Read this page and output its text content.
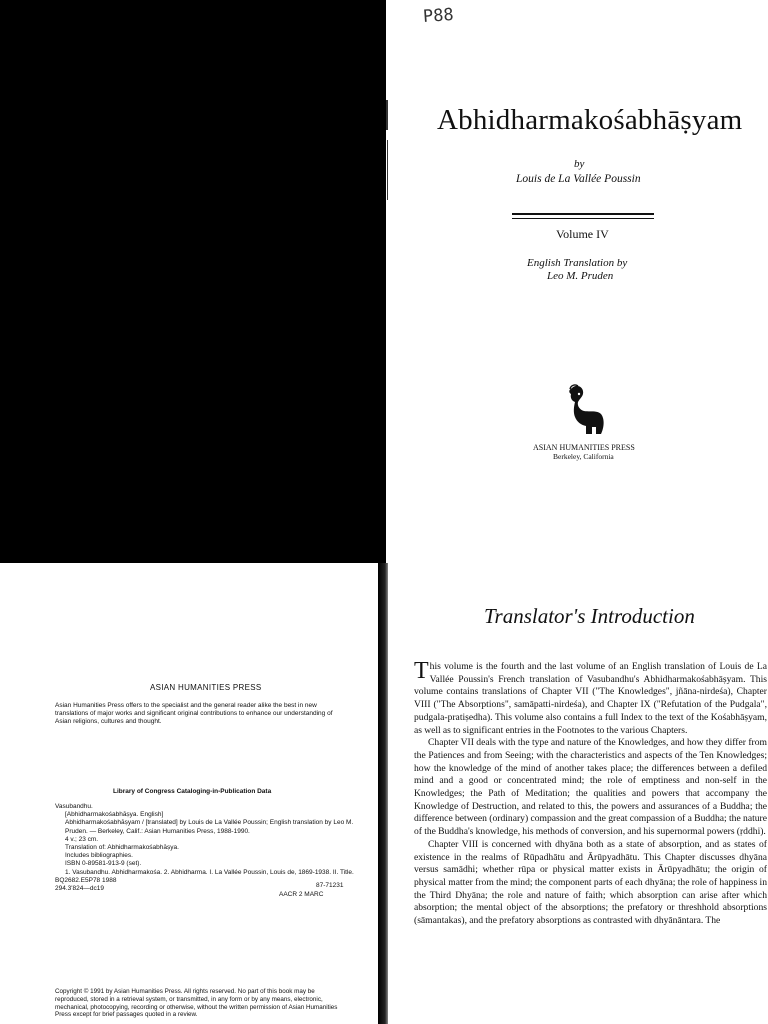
P88
Abhidharmakośabhāṣyam
by
Louis de La Vallée Poussin
Volume IV
English Translation by
Leo M. Pruden
ASIAN HUMANITIES PRESS
Berkeley, California
Translator's Introduction

This volume is the fourth and the last volume of an English translation of Louis de La Vallée Poussin's French translation of Vasubandhu's Abhidharmakośabhāṣyam. This volume contains translations of Chapter VII ("The Knowledges", jñāna-nirdeśa), Chapter VIII ("The Absorptions", samāpatti-nirdeśa), and Chapter IX ("Refutation of the Pudgala", pudgala-pratiṣedha). This volume also contains a full Index to the text of the Kośabhāṣyam, as well as to significant entries in the Footnotes to the various Chapters.

Chapter VII deals with the type and nature of the Knowledges, and how they differ from the Patiences and from Seeing; with the characteristics and aspects of the Ten Knowledges; how the knowledge of the mind of another takes place; the differences between a defiled mind and a good or concentrated mind; the role of emptiness and non-self in the Knowledges; the Path of Meditation; the qualities and powers that accompany the Knowledge of Destruction, and related to this, the powers and assurances of a Buddha; the difference between (ordinary) compassion and the great compassion of a Buddha; the nature of the Buddha's knowledge, his methods of conversion, and his supernormal powers (ṛddhi).

Chapter VIII is concerned with dhyāna both as a state of absorption, and as states of existence in the realms of Rūpadhātu and Ārūpyadhātu. This Chapter discusses dhyāna versus samādhi; whether rūpa or physical matter exists in Ārūpyadhātu; the origin of physical matter from the mind; the component parts of each dhyāna; the role of happiness in the Third Dhyāna; the role and nature of faith; which absorption can arise after which absorption; the mental object of the absorptions; the prefatory or threshhold absorptions (sāmantakas), and the prefatory absorptions as contrasted with dhyānāntara. The

ASIAN HUMANITIES PRESS
Asian Humanities Press offers to the specialist and the general reader alike the best in new translations of major works and significant original contributions to enhance our understanding of Asian religions, cultures and thought.
Library of Congress Cataloging-in-Publication Data
Vasubandhu.
[Abhidharmakośabhāṣya. English]
Abhidharmakośabhāṣyam / [translated] by Louis de La Vallée Poussin; English translation by Leo M. Pruden. — Berkeley, Calif.: Asian Humanities Press, 1988-1990.
4 v.; 23 cm.
Translation of: Abhidharmakośabhāṣya.
Includes bibliographies.
ISBN 0-89581-913-9 (set).
1. Vasubandhu. Abhidharmakośa. 2. Abhidharma. I. La Vallée Poussin, Louis de, 1869-1938. II. Title.
BQ2682.E5P78 1988
294.3'824—dc19	87-71231
AACR 2 MARC
Copyright © 1991 by Asian Humanities Press. All rights reserved. No part of this book may be reproduced, stored in a retrieval system, or transmitted, in any form or by any means, electronic, mechanical, photocopying, recording or otherwise, without the written permission of Asian Humanities Press except for brief passages quoted in a review.
